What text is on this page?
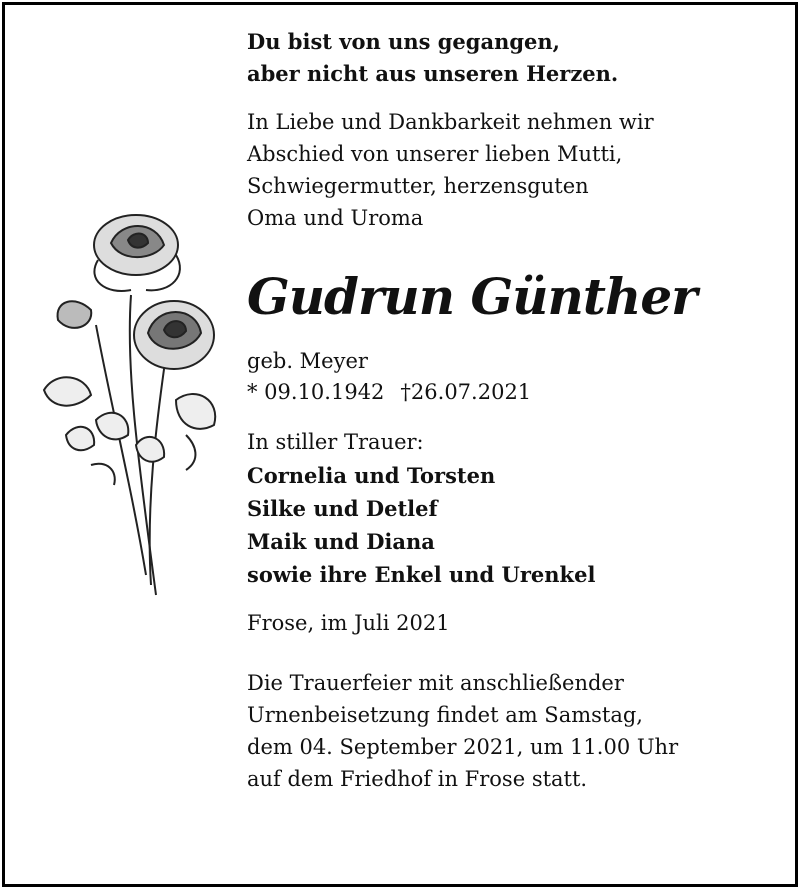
Du bist von uns gegangen,
aber nicht aus unseren Herzen.
In Liebe und Dankbarkeit nehmen wir
Abschied von unserer lieben Mutti,
Schwiegermutter, herzensguten
Oma und Uroma
Gudrun Günther
geb. Meyer
* 09.10.1942 †26.07.2021
In stiller Trauer:
Cornelia und Torsten
Silke und Detlef
Maik und Diana
sowie ihre Enkel und Urenkel
Frose, im Juli 2021
Die Trauerfeier mit anschließender
Urnenbeisetzung findet am Samstag,
dem 04. September 2021, um 11.00 Uhr
auf dem Friedhof in Frose statt.
